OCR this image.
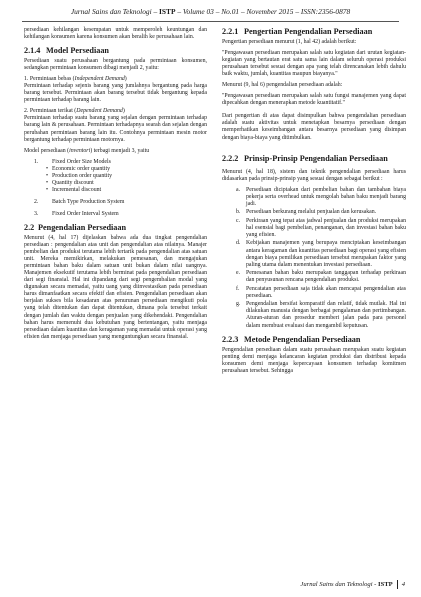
Jurnal Sains dan Teknologi – ISTP – Volume 03 – No.01 – November 2015 – ISSN:2356-0878

persediaan kehilangan kesempatan untuk memperoleh keuntungan dan kehilangan konsumen karena konsumen akan beralih ke perusahaan lain.

2.1.4 Model Persediaan

Persediaan suatu perusahaan bergantung pada permintaan konsumen, sedangkan permintaan konsumen dibagi menjadi 2, yaitu:

1. Permintaan bebas (Independent Demand)

Permintaan terhadap sejenis barang yang jumlahnya bergantung pada harga barang tersebut. Permintaan akan barang tersebut tidak bergantung kepada permintaan terhadap barang lain.

2. Permintaan terikat (Dependent Demand)

Permintaan terhadap suatu barang yang sejalan dengan permintaan terhadap barang lain & perusahaan. Permintaan terhadapnya searah dan sejalan dengan perubahan permintaan barang lain itu. Contohnya permintaan mesin motor bergantung terhadap permintaan motornya.

Model persediaan (inventori) terbagi menjadi 3, yaitu

1.	Fixed Order Size Models
• Economic order quantity
• Production order quantity
• Quantity discount
• Incremental discount
2.	Batch Type Production System
3.	Fixed Order Interval System
2.2 Pengendalian Persediaan

Menurut (4, hal 17) dijelaskan bahwa ada dua tingkat pengendalian persediaan : pengendalian atas unit dan pengendalian atas nilainya. Manajer pembelian dan produksi terutama lebih tertarik pada pengendalian atas satuan unit. Mereka memikirkan, melakukan pemesanan, dan mengajukan permintaan bahan baku dalam satuan unit bukan dalam nilai uangnya. Manajemen eksekutif terutama lebih berminat pada pengendalian persediaan dari segi finansial. Hal ini dipandang dari segi pengembalian modal yang digunakan secara memadai, yaitu uang yang diinvestasikan pada persediaan harus dimanfaatkan secara efektif dan efisien. Pengendalian persediaan akan berjalan sukses bila kesadaran atas penurunan persediaan mengikuti pola yang telah ditentukan dan dapat ditentukan, dimana pola tersebut terkait dengan jumlah dan waktu dengan penjualan yang dikehendaki. Pengendalian bahan harus memenuhi dua kebutuhan yang bertentangan, yaitu menjaga persediaan dalam kuantitas dan keragaman yang memadai untuk operasi yang efisien dan menjaga persediaan yang menguntungkan secara finansial.

2.2.1 Pengertian Pengendalian Persediaan

Pengertian persediaan menurut (1, hal 42) adalah berikut:

"Pengawasan persediaan merupakan salah satu kegiatan dari urutan kegiatan-kegiatan yang bertautan erat satu sama lain dalam seluruh operasi produksi perusahaan tersebut sesuai dengan apa yang telah direncanakan lebih dahulu baik waktu, jumlah, kuantitas maupun biayanya."

Menurut (9, hal 6) pengendalian persediaan adalah:

"Pengawasan persediaan merupakan salah satu fungsi manajemen yang dapat dipecahkan dengan menerapkan metode kuantitatif."

Dari pengertian di atas dapat disimpulkan bahwa pengendalian persediaan adalah suatu aktivitas untuk menetapkan besarnya persediaan dengan memperhatikan keseimbangan antara besarnya persediaan yang disimpan dengan biaya-biaya yang ditimbulkan.

2.2.2 Prinsip-Prinsip Pengendalian Persediaan

Menurut (4, hal 18), sistem dan teknik pengendalian persediaan harus didasarkan pada prinsip-prinsip yang sesuai dengan sebagai berikut :

a.	Persediaan diciptakan dari pembelian bahan dan tambahan biaya pekerja serta overhead untuk mengolah bahan baku menjadi barang jadi.
b. Persediaan berkurang melalui penjualan dan kerusakan.
c.	Perkiraan yang tepat atas jadwal penjualan dan produksi merupakan hal esensial bagi pembelian, penanganan, dan investasi bahan baku yang efisien.
d. Kebijakan manajemen yang berupaya menciptakan keseimbangan antara keragaman dan kuantitas persediaan bagi operasi yang efisien dengan biaya pemilikan persediaan tersebut merupakan faktor yang paling utama dalam menentukan investasi persediaan.
e.	Pemesanan bahan baku merupakan tanggapan terhadap perkiraan dan penyusunan rencana pengendalian produksi.
f.	Pencatatan persediaan saja tidak akan mencapai pengendalian atas persediaan.
g. Pengendalian bersifat komparatif dan relatif, tidak mutlak. Hal ini dilakukan manusia dengan berbagai pengalaman dan pertimbangan. Aturan-aturan dan prosedur memberi jalan pada para personel dalam membuat evaluasi dan mengambil keputusan.
2.2.3 Metode Pengendalian Persediaan

Pengendalian persediaan dalam suatu perusahaan merupakan suatu kegiatan penting demi menjaga kelancaran kegiatan produksi dan distribusi kepada konsumen demi menjaga kepercayaan konsumen terhadap komitmen perusahaan tersebut. Sehingga

Jurnal Sains dan Teknologi - ISTP 4
